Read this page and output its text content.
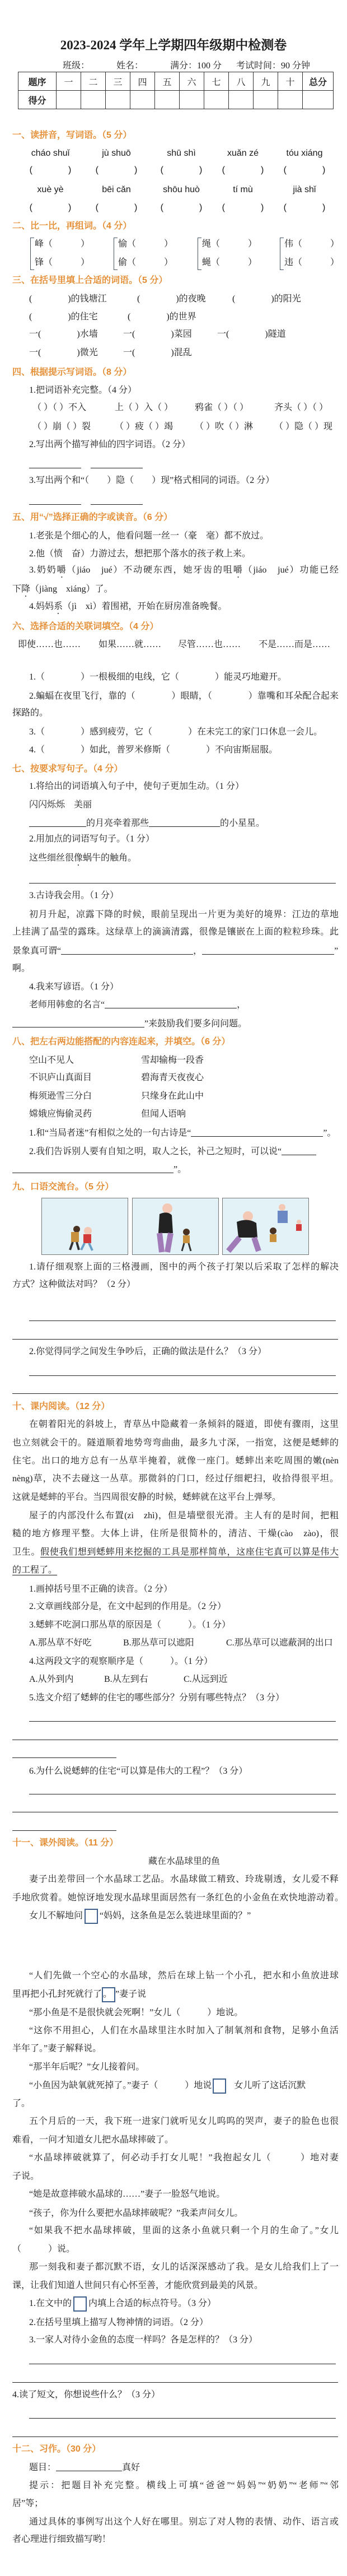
2023-2024 学年上学期四年级期中检测卷
班级：	姓名：	满分：100 分 考试时间：90 分钟
题序	一	二	三	四	五	六	七	八	九	十	总分
得分											
一、读拼音，写词语。（5 分）
cháo shuǐ	jù shuō	shū shì	xuǎn zé	tóu xiáng
(　　　　)	(　　　　)	(　　　　)	(　　　　)	(　　　　)
xuè yè	bēi cǎn	shōu huò	tí mù	jià shǐ
(　　　　)	(　　　　)	(　　　　)	(　　　　)	(　　　　)
二、比一比，再组词。（4 分）
峰（	）
锋（	）
愉（	）
偷（	）
绳（	）
蝇（	）
伟（	）
违（	）
三、在括号里填上合适的词语。（5 分）
(　　　　)的钱塘江	(　　　　)的夜晚	(　　　　)的阳光
(　　　　)的住宅	(　　　　)的世界
一(　　　　)水墙	一(　　　　)菜园	一(　　　　)隧道
一(　　　　)微光	一(　　　　)混乱
四、根据提示写词语。（8 分）
1.把词语补充完整。（4 分）
（ ）（ ）不入	上（ ）入（ ） 鸦雀（ ）（ ）	齐头（ ）（ ）
（ ）崩（ ）裂	（ ）疲（ ）竭 （ ）吹（ ）淋 （ ）隐（ ）现
2.写出两个描写神仙的四字词语。（2 分）
3.写出两个和“（　　）隐（　　）现”格式相同的词语。（2 分）
五、用“√”选择正确的字或读音。（6 分）
1.老张是个细心的人，他看问题一丝一（豪　毫）都不放过。
2.他（愤　奋）力游过去，想把那个落水的孩子救上来。
3.奶奶嚼（jiáo　jué）不动硬东西，她牙齿的咀嚼（jiáo　jué）功能已经
下降（jiàng　xiáng）了。
4.妈妈系（jì　xì）着围裙，开始在厨房准备晚餐。
六、选择合适的关联词填空。（4 分）
即使……也…… 如果……就…… 尽管……也…… 不是……而是……
1.（　　　　）一根极细的电线，它（　　　　）能灵巧地避开。
2.蝙蝠在夜里飞行，靠的（　　　　）眼睛，（　　　　）靠嘴和耳朵配合起来
探路的。
3.（　　　　）感到疲劳，它（　　　　）在未完工的家门口休息一会儿。
4.（　　　　）如此，普罗米修斯（　　　　）不向宙斯屈服。
七、按要求写句子。（4 分）
1.将给出的词语填入句子中，使句子更加生动。（1 分）
闪闪烁烁　美丽
的月亮牵着那些	的小星星。
2.用加点的词语写句子。（1 分）
这些细丝很像蜗牛的触角。
3.古诗我会用。（1 分）
初月升起，凉露下降的时候，眼前呈现出一片更为美好的境界：江边的草地
上挂满了晶莹的露珠。这绿草上的滴滴清露，很像是镶嵌在上面的粒粒珍珠。此
景象真可谓“	，	”
啊。
4.我来写谚语。（1 分）
老师用韩愈的名言“	，
”来鼓励我们要多问问题。
八、把左右两边能搭配的内容连起来，并填空。（6 分）
空山不见人
不识庐山真面目
梅须逊雪三分白
嫦娥应悔偷灵药
雪却输梅一段香
碧海青天夜夜心
只缘身在此山中
但闻人语响
1.和“当局者迷”有相似之处的一句古诗是“	”。
2.我们告诉别人要有自知之明，取人之长，补己之短时，可以说“
”。
九、口语交流台。（5 分）
1.请仔细观察上面的三格漫画，图中的两个孩子打架以后采取了怎样的解决
方式？这种做法对吗？（2 分）
2.你觉得同学之间发生争吵后，正确的做法是什么？（3 分）
十、课内阅读。（12 分）
在朝着阳光的斜坡上，青草丛中隐藏着一条倾斜的隧道，即使有骤雨，这里
也立刻就会干的。隧道顺着地势弯弯曲曲，最多九寸深，一指宽，这便是蟋蟀的
住宅。出口的地方总有一丛草半掩着，就像一座门。蟋蟀出来吃周围的嫩(nèn
nèng)草，决不去碰这一丛草。那微斜的门口，经过仔细耙扫，收拾得很平坦。
这就是蟋蟀的平台。当四周很安静的时候，蟋蟀就在这平台上弹琴。
屋子的内部没什么布置(zì　zhì)，但是墙壁很光滑。主人有的是时间，把粗
糙的地方修理平整。大体上讲，住所是很简朴的，清洁、干燥(cào　zào)，很
卫生。假使我们想到蟋蟀用来挖掘的工具是那样简单，这座住宅真可以算是伟大
的工程了。
1.画掉括号里不正确的读音。（2 分）
2.文章画线部分是，在文中起到的作用是。（2 分）
3.蟋蟀不吃洞口那丛草的原因是（　　　）。（1 分）
A.那丛草不好吃	B.那丛草可以遮阳	C.那丛草可以遮蔽洞的出口
4.这两段文字的观察顺序是（　　　）。（1 分）
A.从外到内	B.从左到右	C.从远到近
5.选文介绍了蟋蟀的住宅的哪些部分？分别有哪些特点？（3 分）
6.为什么说蟋蟀的住宅“可以算是伟大的工程”？（3 分）
十一、课外阅读。（11 分）
藏在水晶球里的鱼
妻子出差带回一个水晶球工艺品。水晶球做工精致、玲珑剔透，女儿爱不释
手地欣赏着。她惊讶地发现水晶球里面居然有一条红色的小金鱼在欢快地游动着。
女儿不解地问 “妈妈，这条鱼是怎么装进球里面的？”
“人们先做一个空心的水晶球，然后在球上钻一个小孔，把水和小鱼放进球
里再把小孔封死就行了 。 ”妻子说
“那小鱼是不是很快就会死啊！”女儿（　　　）地说。
“这你不用担心，人们在水晶球里注水时加入了制氧剂和食物，足够小鱼活
半年了。”妻子解释说。
“那半年后呢？”女儿接着问。
“小鱼因为缺氧就死掉了。”妻子（　　　）地说	女儿听了这话沉默
了。
五个月后的一天，我下班一进家门就听见女儿呜呜的哭声，妻子的脸色也很
难看，一问才知道女儿把水晶球摔破了。
“水晶球摔破就算了，何必动手打女儿呢！”我抱起女儿（　　　）地对妻
子说。
“她是故意摔破水晶球的……”妻子一脸怒气地说。
“孩子，你为什么要把水晶球摔破呢？”我柔声问女儿。
“如果我不把水晶球摔破，里面的这条小鱼就只剩一个月的生命了。”女儿
（　　　）说。
那一刻我和妻子都沉默不语，女儿的话深深感动了我。是女儿给我们上了一
课，让我们知道人世间只有心怀至善，才能欣赏到最美的风景。
1.在文中的 内填上合适的标点符号。（3 分）
2.在括号里填上描写人物神情的词语。（2 分）
3.一家人对待小金鱼的态度一样吗？各是怎样的？（3 分）
4.读了短文，你想说些什么？（3 分）
十二、习作。（30 分）
题目：	真好
提示：把题目补充完整。横线上可填“爸爸”“妈妈”“奶奶”“老师”“邻
居”等；
通过具体的事例写出这个人好在哪里。别忘了对人物的表情、动作、语言或
者心理进行细致描写哟！
